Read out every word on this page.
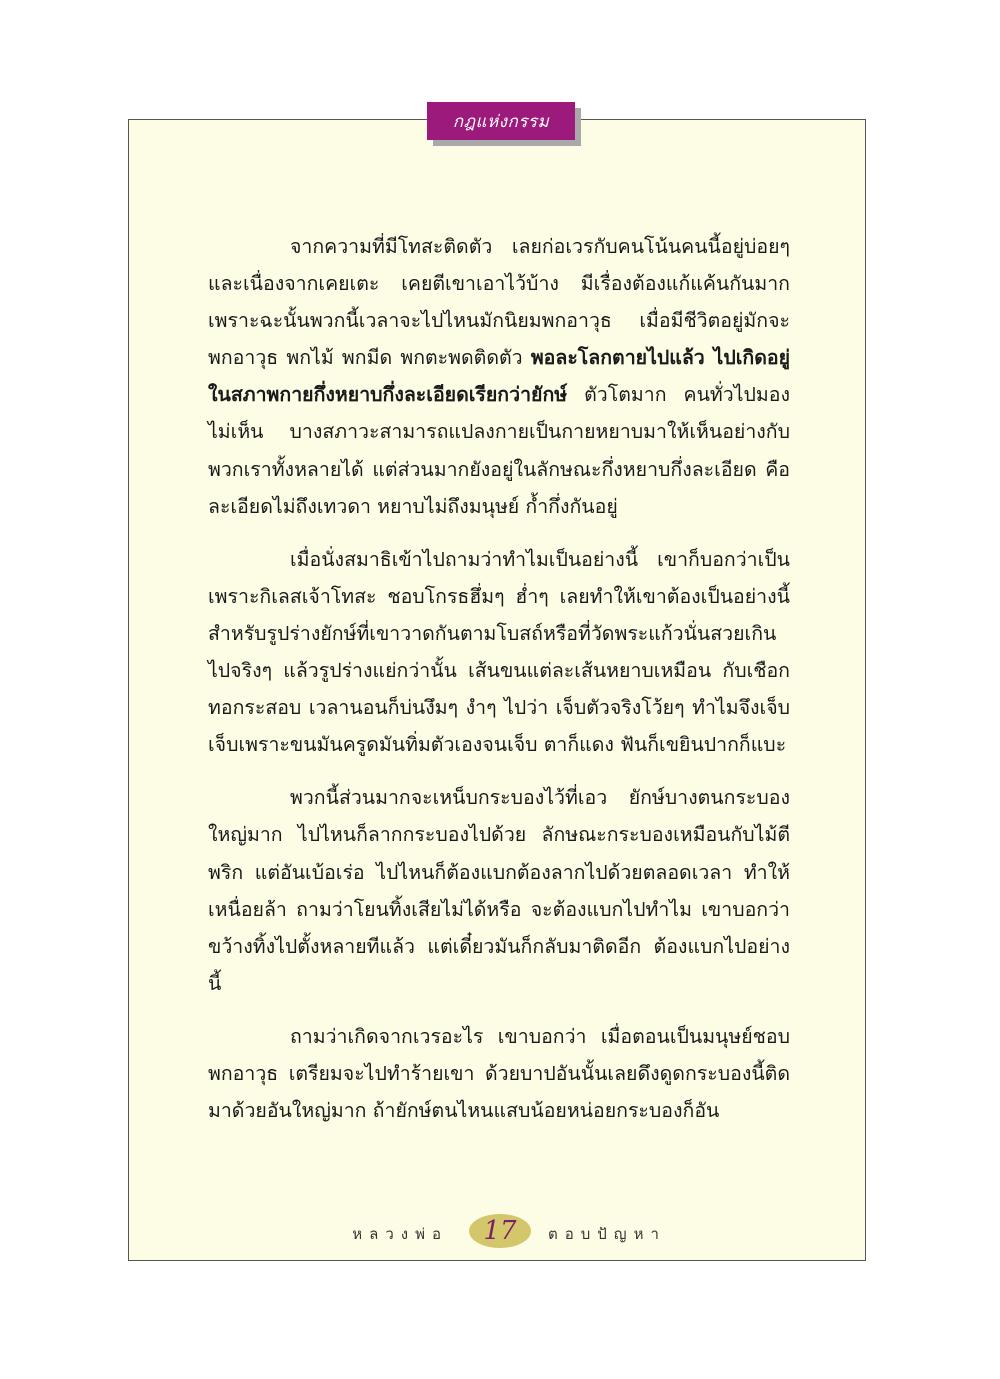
กฎแห่งกรรม

จากความที่มีโทสะติดตัว เลยก่อเวรกับคนโน้นคนนี้อยู่บ่อยๆ และเนื่องจากเคยเตะ เคยตีเขาเอาไว้บ้าง มีเรื่องต้องแก้แค้นกันมาก เพราะฉะนั้นพวกนี้เวลาจะไปไหนมักนิยมพกอาวุธ เมื่อมีชีวิตอยู่มักจะพกอาวุธ พกไม้ พกมีด พกตะพดติดตัว พอละโลกตายไปแล้ว ไปเกิดอยู่ในสภาพกายกึ่งหยาบกึ่งละเอียดเรียกว่ายักษ์ ตัวโตมาก คนทั่วไปมองไม่เห็น บางสภาวะสามารถแปลงกายเป็นกายหยาบมาให้เห็นอย่างกับพวกเราทั้งหลายได้ แต่ส่วนมากยังอยู่ในลักษณะกึ่งหยาบกึ่งละเอียด คือละเอียดไม่ถึงเทวดา หยาบไม่ถึงมนุษย์ ก้ำกึ่งกันอยู่

เมื่อนั่งสมาธิเข้าไปถามว่าทำไมเป็นอย่างนี้ เขาก็บอกว่าเป็นเพราะกิเลสเจ้าโทสะ ชอบโกรธฮึ่มๆ ฮ่ำๆ เลยทำให้เขาต้องเป็นอย่างนี้ สำหรับรูปร่างยักษ์ที่เขาวาดกันตามโบสถ์หรือที่วัดพระแก้วนั่นสวยเกินไปจริงๆ แล้วรูปร่างแย่กว่านั้น เส้นขนแต่ละเส้นหยาบเหมือน กับเชือกทอกระสอบ เวลานอนก็บ่นงึมๆ งำๆ ไปว่า เจ็บตัวจริงโว้ยๆ ทำไมจึงเจ็บ เจ็บเพราะขนมันครูดมันทิ่มตัวเองจนเจ็บ ตาก็แดง ฟันก็เขยินปากก็แบะ

พวกนี้ส่วนมากจะเหน็บกระบองไว้ที่เอว ยักษ์บางตนกระบองใหญ่มาก ไปไหนก็ลากกระบองไปด้วย ลักษณะกระบองเหมือนกับไม้ตีพริก แต่อันเบ้อเร่อ ไปไหนก็ต้องแบกต้องลากไปด้วยตลอดเวลา ทำให้เหนื่อยล้า ถามว่าโยนทิ้งเสียไม่ได้หรือ จะต้องแบกไปทำไม เขาบอกว่าขว้างทิ้งไปตั้งหลายทีแล้ว แต่เดี๋ยวมันก็กลับมาติดอีก ต้องแบกไปอย่างนี้

ถามว่าเกิดจากเวรอะไร เขาบอกว่า เมื่อตอนเป็นมนุษย์ชอบพกอาวุธ เตรียมจะไปทำร้ายเขา ด้วยบาปอันนั้นเลยดึงดูดกระบองนี้ติดมาด้วยอันใหญ่มาก ถ้ายักษ์ตนไหนแสบน้อยหน่อยกระบองก็อัน

หลวงพ่อ	17	ตอบปัญหา
